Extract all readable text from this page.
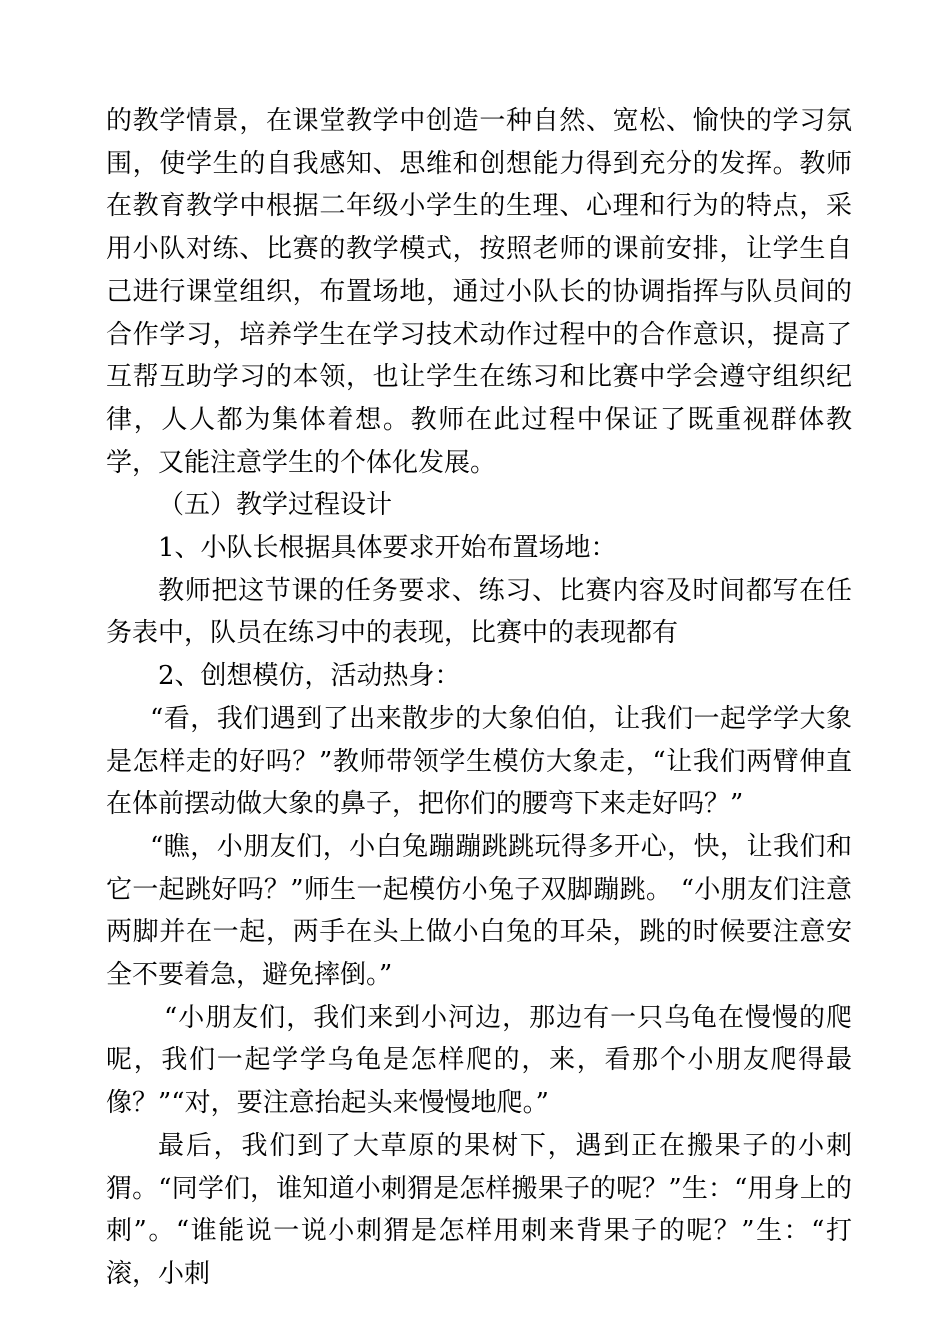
的教学情景，在课堂教学中创造一种自然、宽松、愉快的学习氛围，使学生的自我感知、思维和创想能力得到充分的发挥。教师在教育教学中根据二年级小学生的生理、心理和行为的特点，采用小队对练、比赛的教学模式，按照老师的课前安排，让学生自己进行课堂组织，布置场地，通过小队长的协调指挥与队员间的合作学习，培养学生在学习技术动作过程中的合作意识，提高了互帮互助学习的本领，也让学生在练习和比赛中学会遵守组织纪律，人人都为集体着想。教师在此过程中保证了既重视群体教学，又能注意学生的个体化发展。

（五）教学过程设计

1、小队长根据具体要求开始布置场地：

教师把这节课的任务要求、练习、比赛内容及时间都写在任务表中，队员在练习中的表现，比赛中的表现都有

2、创想模仿，活动热身：

“看，我们遇到了出来散步的大象伯伯，让我们一起学学大象是怎样走的好吗？”教师带领学生模仿大象走，“让我们两臂伸直在体前摆动做大象的鼻子，把你们的腰弯下来走好吗？”

“瞧，小朋友们，小白兔蹦蹦跳跳玩得多开心，快，让我们和它一起跳好吗？”师生一起模仿小兔子双脚蹦跳。 “小朋友们注意两脚并在一起，两手在头上做小白兔的耳朵，跳的时候要注意安全不要着急，避免摔倒。”

“小朋友们，我们来到小河边，那边有一只乌龟在慢慢的爬呢，我们一起学学乌龟是怎样爬的，来，看那个小朋友爬得最像？”“对，要注意抬起头来慢慢地爬。”

最后，我们到了大草原的果树下，遇到正在搬果子的小刺猬。“同学们，谁知道小刺猬是怎样搬果子的呢？”生：“用身上的刺”。“谁能说一说小刺猬是怎样用刺来背果子的呢？”生：“打滚，小刺
